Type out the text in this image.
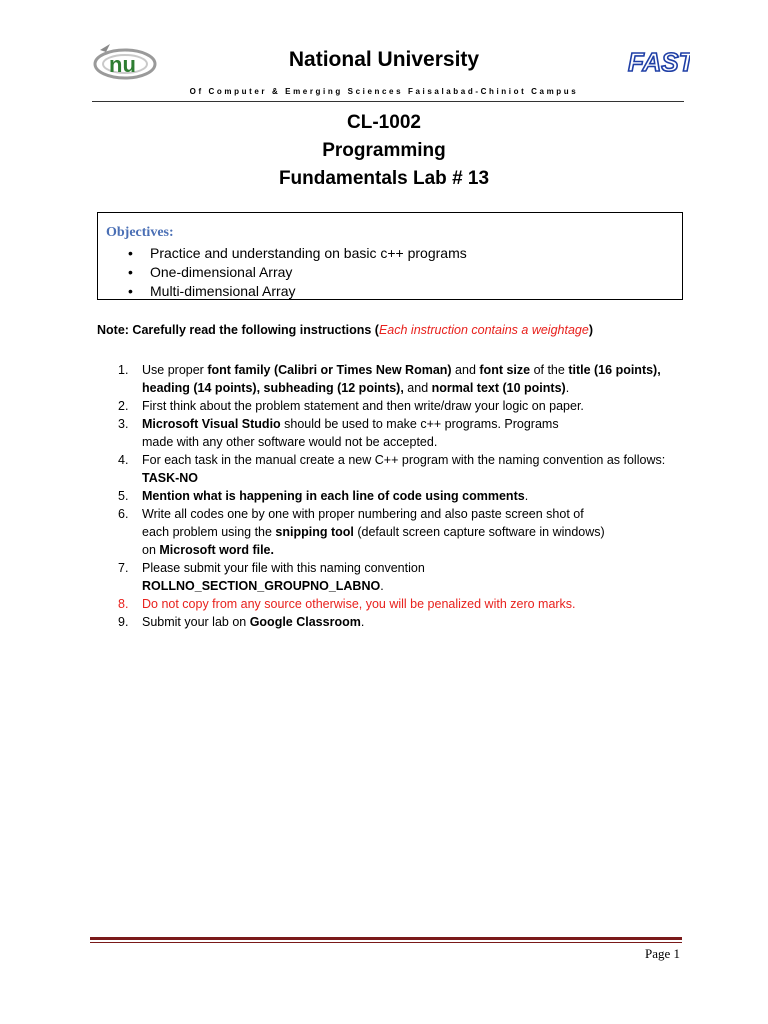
nu	FAST
National University
Of Computer & Emerging Sciences Faisalabad-Chiniot Campus
CL-1002
Programming
Fundamentals Lab # 13
Objectives:
• Practice and understanding on basic c++ programs
• One-dimensional Array
• Multi-dimensional Array
Note: Carefully read the following instructions (Each instruction contains a weightage)
1. Use proper font family (Calibri or Times New Roman) and font size of the title (16 points), heading (14 points), subheading (12 points), and normal text (10 points).
2. First think about the problem statement and then write/draw your logic on paper.
3. Microsoft Visual Studio should be used to make c++ programs. Programs
made with any other software would not be accepted.
4. For each task in the manual create a new C++ program with the naming convention as follows:
TASK-NO
5. Mention what is happening in each line of code using comments.
6. Write all codes one by one with proper numbering and also paste screen shot of
each problem using the snipping tool (default screen capture software in windows)
on Microsoft word file.
7. Please submit your file with this naming convention
ROLLNO_SECTION_GROUPNO_LABNO.
8. Do not copy from any source otherwise, you will be penalized with zero marks.
9. Submit your lab on Google Classroom.
Page 1
